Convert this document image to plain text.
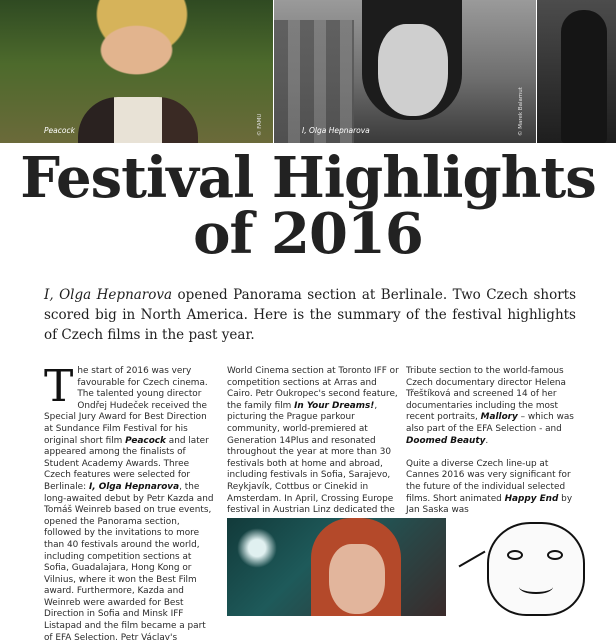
Peacock	© FAMU	I, Olga Hepnarova	© Marek Balamut
Festival Highlights
of 2016

I, Olga Hepnarova opened Panorama section at Berlinale. Two Czech shorts scored big in North America. Here is the summary of the festival highlights of Czech films in the past year.

The start of 2016 was very favourable for Czech cinema. The talented young director Ondřej Hudeček received the Special Jury Award for Best Direction at Sundance Film Festival for his original short film Peacock and later appeared among the finalists of Student Academy Awards. Three Czech features were selected for Berlinale: I, Olga Hepnarova, the long-awaited debut by Petr Kazda and Tomáš Weinreb based on true events, opened the Panorama section, followed by the invitations to more than 40 festivals around the world, including competition sections at Sofia, Guadalajara, Hong Kong or Vilnius, where it won the Best Film award. Furthermore, Kazda and Weinreb were awarded for Best Direction in Sofia and Minsk IFF Listapad and the film became a part of EFA Selection. Petr Václav's
World Cinema section at Toronto IFF or competition sections at Arras and Cairo. Petr Oukropec's second feature, the family film In Your Dreams!, picturing the Prague parkour community, world-premiered at Generation 14Plus and resonated throughout the year at more than 30 festivals both at home and abroad, including festivals in Sofia, Sarajevo, Reykjavík, Cottbus or Cinekid in Amsterdam. In April, Crossing Europe festival in Austrian Linz dedicated the
Tribute section to the world-famous Czech documentary director Helena Třeštíková and screened 14 of her documentaries including the most recent portraits, Mallory – which was also part of the EFA Selection - and Doomed Beauty.

Quite a diverse Czech line-up at Cannes 2016 was very significant for the future of the individual selected films. Short animated Happy End by Jan Saska was
